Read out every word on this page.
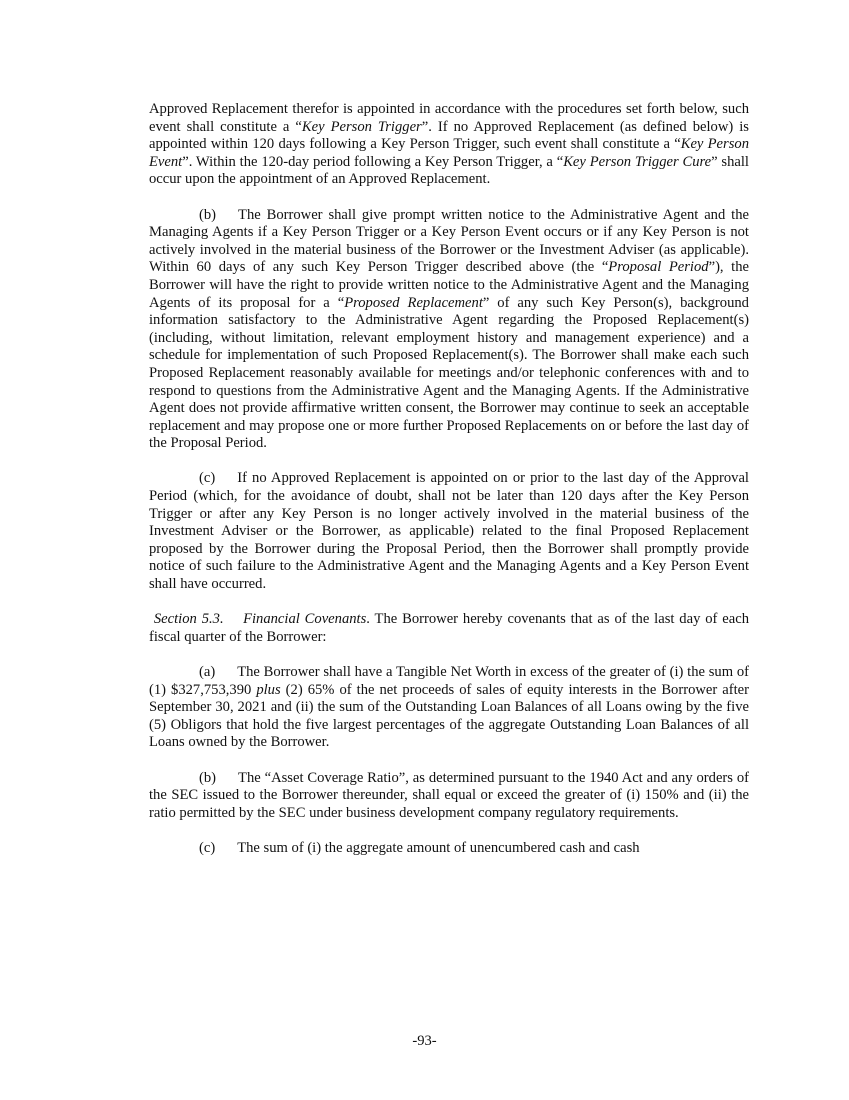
Approved Replacement therefor is appointed in accordance with the procedures set forth below, such event shall constitute a “Key Person Trigger”. If no Approved Replacement (as defined below) is appointed within 120 days following a Key Person Trigger, such event shall constitute a “Key Person Event”. Within the 120-day period following a Key Person Trigger, a “Key Person Trigger Cure” shall occur upon the appointment of an Approved Replacement.

(b) The Borrower shall give prompt written notice to the Administrative Agent and the Managing Agents if a Key Person Trigger or a Key Person Event occurs or if any Key Person is not actively involved in the material business of the Borrower or the Investment Adviser (as applicable). Within 60 days of any such Key Person Trigger described above (the “Proposal Period”), the Borrower will have the right to provide written notice to the Administrative Agent and the Managing Agents of its proposal for a “Proposed Replacement” of any such Key Person(s), background information satisfactory to the Administrative Agent regarding the Proposed Replacement(s) (including, without limitation, relevant employment history and management experience) and a schedule for implementation of such Proposed Replacement(s). The Borrower shall make each such Proposed Replacement reasonably available for meetings and/or telephonic conferences with and to respond to questions from the Administrative Agent and the Managing Agents. If the Administrative Agent does not provide affirmative written consent, the Borrower may continue to seek an acceptable replacement and may propose one or more further Proposed Replacements on or before the last day of the Proposal Period.

(c) If no Approved Replacement is appointed on or prior to the last day of the Approval Period (which, for the avoidance of doubt, shall not be later than 120 days after the Key Person Trigger or after any Key Person is no longer actively involved in the material business of the Investment Adviser or the Borrower, as applicable) related to the final Proposed Replacement proposed by the Borrower during the Proposal Period, then the Borrower shall promptly provide notice of such failure to the Administrative Agent and the Managing Agents and a Key Person Event shall have occurred.

Section 5.3. Financial Covenants. The Borrower hereby covenants that as of the last day of each fiscal quarter of the Borrower:

(a) The Borrower shall have a Tangible Net Worth in excess of the greater of (i) the sum of (1) $327,753,390 plus (2) 65% of the net proceeds of sales of equity interests in the Borrower after September 30, 2021 and (ii) the sum of the Outstanding Loan Balances of all Loans owing by the five (5) Obligors that hold the five largest percentages of the aggregate Outstanding Loan Balances of all Loans owned by the Borrower.

(b) The “Asset Coverage Ratio”, as determined pursuant to the 1940 Act and any orders of the SEC issued to the Borrower thereunder, shall equal or exceed the greater of (i) 150% and (ii) the ratio permitted by the SEC under business development company regulatory requirements.

(c) The sum of (i) the aggregate amount of unencumbered cash and cash

-93-
